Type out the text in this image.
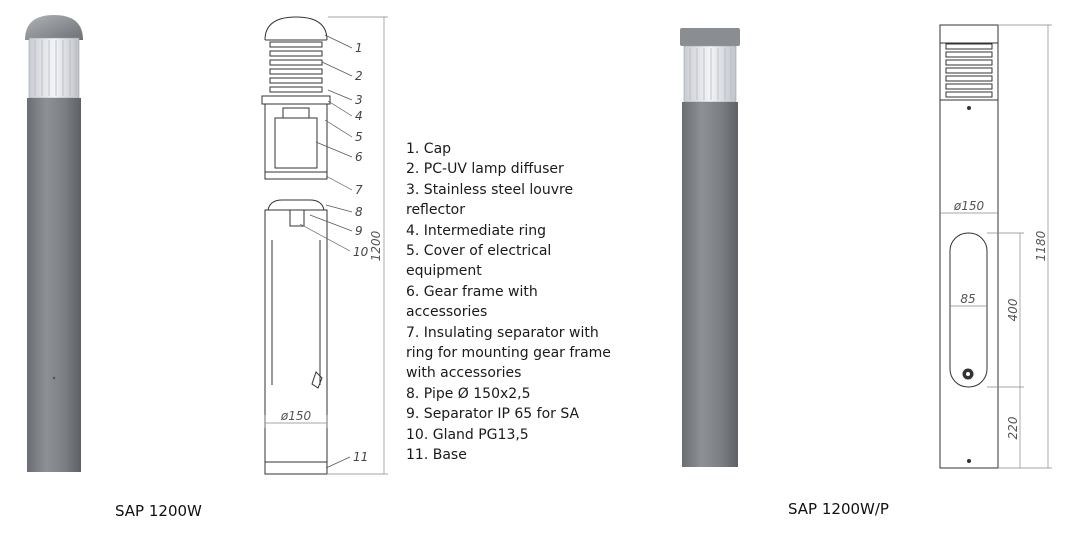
1200
ø150
1
2
3
4
5
6
7
8
9
10
11
1180
ø150
85	400
220
1. Cap
2. PC-UV lamp diffuser
3. Stainless steel louvre reflector
4. Intermediate ring
5. Cover of electrical equipment
6. Gear frame with accessories
7. Insulating separator with ring for mounting gear frame with accessories
8. Pipe Ø 150x2,5
9. Separator IP 65 for SA
10. Gland PG13,5
11. Base
SAP 1200W	SAP 1200W/P
